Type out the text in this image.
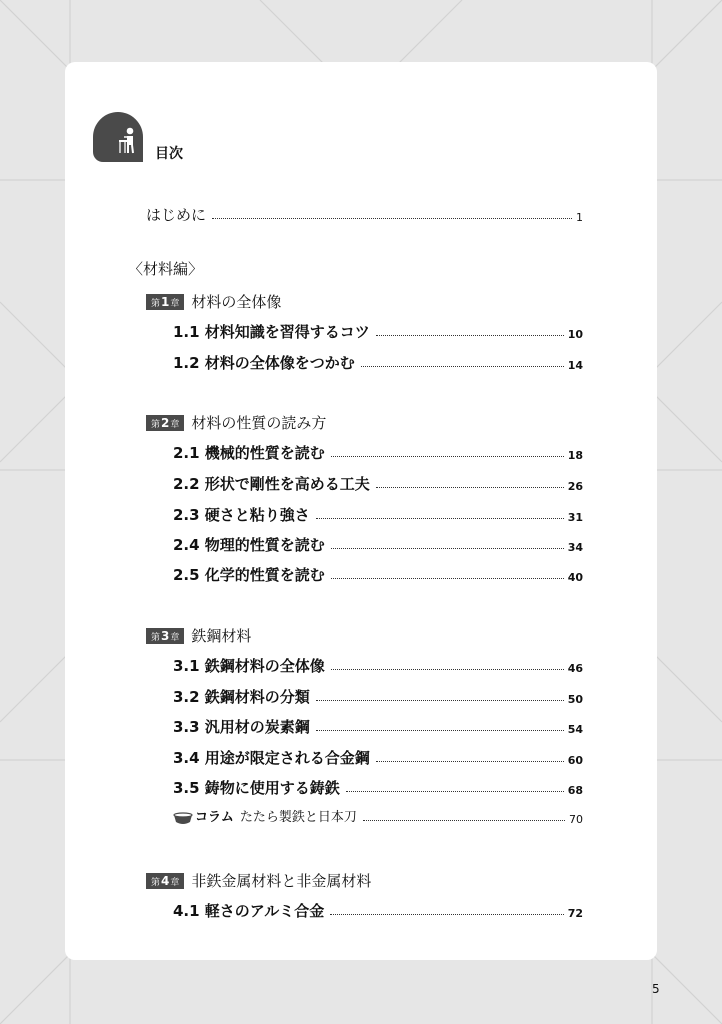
目次
はじめに	1
〈材料編〉
第1章 材料の全体像
1.1 材料知識を習得するコツ	10
1.2 材料の全体像をつかむ	14
第2章 材料の性質の読み方
2.1 機械的性質を読む	18
2.2 形状で剛性を高める工夫	26
2.3 硬さと粘り強さ	31
2.4 物理的性質を読む	34
2.5 化学的性質を読む	40
第3章 鉄鋼材料
3.1 鉄鋼材料の全体像	46
3.2 鉄鋼材料の分類	50
3.3 汎用材の炭素鋼	54
3.4 用途が限定される合金鋼	60
3.5 鋳物に使用する鋳鉄	68
コラム たたら製鉄と日本刀	70
第4章 非鉄金属材料と非金属材料
4.1 軽さのアルミ合金	72
5
